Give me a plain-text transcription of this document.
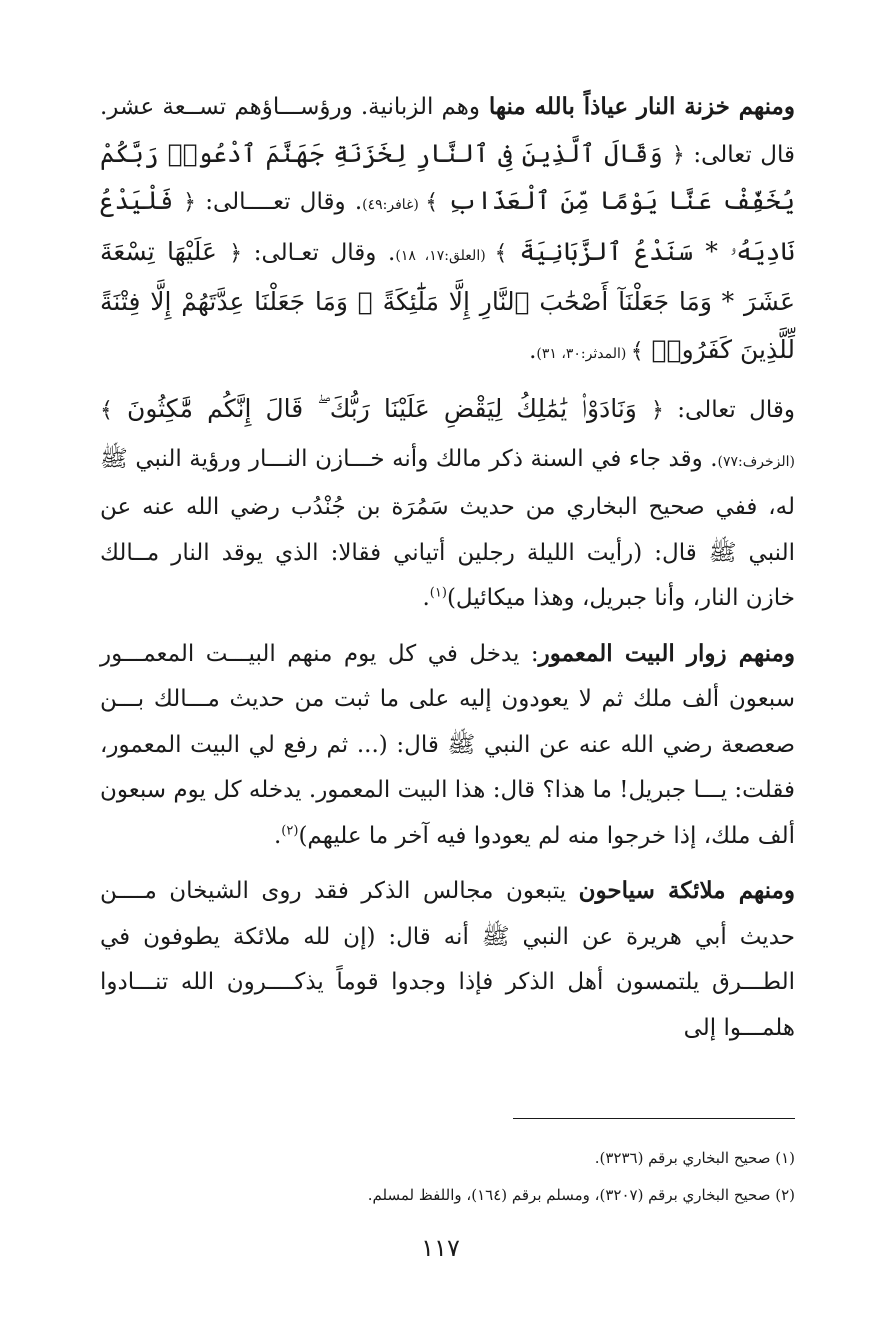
ومنهم خزنة النار عياذاً بالله منها وهم الزبانية. ورؤســـاؤهم تســعة عشر. قال تعالى: ﴿ وَقَالَ ٱلَّذِينَ فِى ٱلنَّارِ لِخَزَنَةِ جَهَنَّمَ ٱدْعُوا۟ رَبَّكُمْ يُخَفِّفْ عَنَّا يَوْمًا مِّنَ ٱلْعَذَابِ ﴾ (غافر:٤٩). وقال تعــــالى: ﴿ فَلْيَدْعُ نَادِيَهُۥ * سَنَدْعُ ٱلزَّبَانِيَةَ ﴾ (العلق:١٧، ١٨). وقال تعـالى: ﴿ عَلَيْهَا تِسْعَةَ عَشَرَ * وَمَا جَعَلْنَآ أَصْحَٰبَ ٱلنَّارِ إِلَّا مَلَٰٓئِكَةً ۙ وَمَا جَعَلْنَا عِدَّتَهُمْ إِلَّا فِتْنَةً لِّلَّذِينَ كَفَرُوا۟ ﴾ (المدثر:٣٠، ٣١).

وقال تعالى: ﴿ وَنَادَوْا۟ يَٰمَٰلِكُ لِيَقْضِ عَلَيْنَا رَبُّكَ ۖ قَالَ إِنَّكُم مَّٰكِثُونَ ﴾ (الزخرف:٧٧). وقد جاء في السنة ذكر مالك وأنه خـــازن النـــار ورؤية النبي ﷺ له، ففي صحيح البخاري من حديث سَمُرَة بن جُنْدُب رضي الله عنه عن النبي ﷺ قال: (رأيت الليلة رجلين أتياني فقالا: الذي يوقد النار مــالك خازن النار، وأنا جبريل، وهذا ميكائيل)$^{(١)}$.

ومنهم زوار البيت المعمور: يدخل في كل يوم منهم البيـــت المعمـــور سبعون ألف ملك ثم لا يعودون إليه على ما ثبت من حديث مـــالك بـــن صعصعة رضي الله عنه عن النبي ﷺ قال: (... ثم رفع لي البيت المعمور، فقلت: يـــا جبريل! ما هذا؟ قال: هذا البيت المعمور. يدخله كل يوم سبعون ألف ملك، إذا خرجوا منه لم يعودوا فيه آخر ما عليهم)$^{(٢)}$.

ومنهم ملائكة سياحون يتبعون مجالس الذكر فقد روى الشيخان مــــن حديث أبي هريرة عن النبي ﷺ أنه قال: (إن لله ملائكة يطوفون في الطـــرق يلتمسون أهل الذكر فإذا وجدوا قوماً يذكــــرون الله تنـــادوا هلمـــوا إلى

(١) صحيح البخاري برقم (٣٢٣٦).

(٢) صحيح البخاري برقم (٣٢٠٧)، ومسلم برقم (١٦٤)، واللفظ لمسلم.

١١٧
